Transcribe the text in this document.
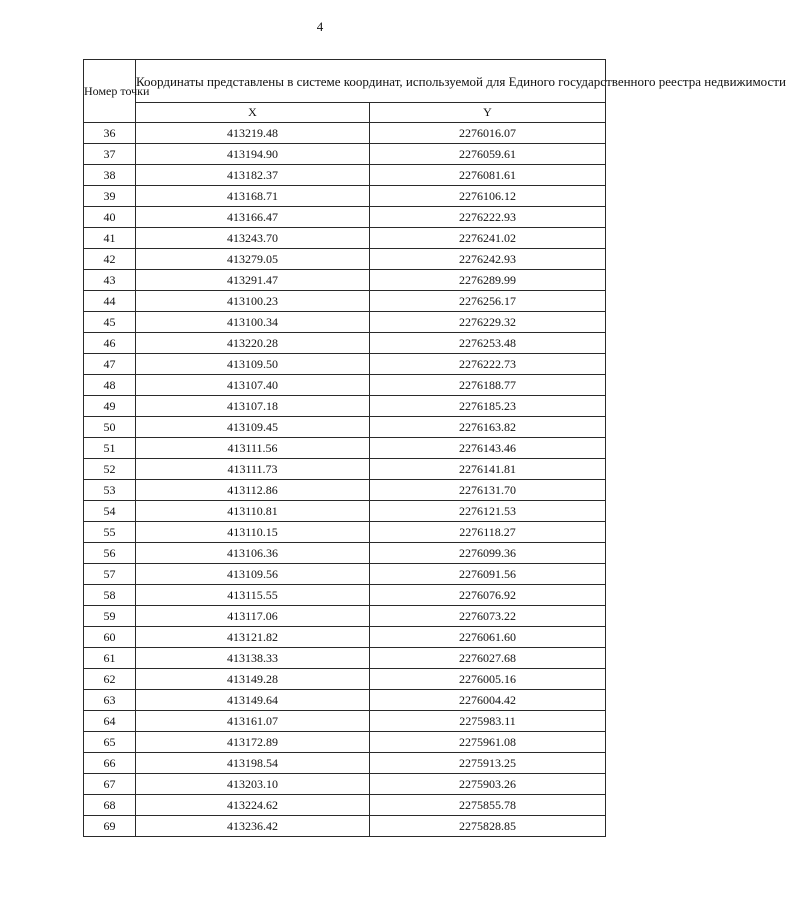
4
Номер точки	Координаты представлены в системе координат, используемой для Единого государственного реестра недвижимости	
	X	Y
36	413219.48	2276016.07
37	413194.90	2276059.61
38	413182.37	2276081.61
39	413168.71	2276106.12
40	413166.47	2276222.93
41	413243.70	2276241.02
42	413279.05	2276242.93
43	413291.47	2276289.99
44	413100.23	2276256.17
45	413100.34	2276229.32
46	413220.28	2276253.48
47	413109.50	2276222.73
48	413107.40	2276188.77
49	413107.18	2276185.23
50	413109.45	2276163.82
51	413111.56	2276143.46
52	413111.73	2276141.81
53	413112.86	2276131.70
54	413110.81	2276121.53
55	413110.15	2276118.27
56	413106.36	2276099.36
57	413109.56	2276091.56
58	413115.55	2276076.92
59	413117.06	2276073.22
60	413121.82	2276061.60
61	413138.33	2276027.68
62	413149.28	2276005.16
63	413149.64	2276004.42
64	413161.07	2275983.11
65	413172.89	2275961.08
66	413198.54	2275913.25
67	413203.10	2275903.26
68	413224.62	2275855.78
69	413236.42	2275828.85
